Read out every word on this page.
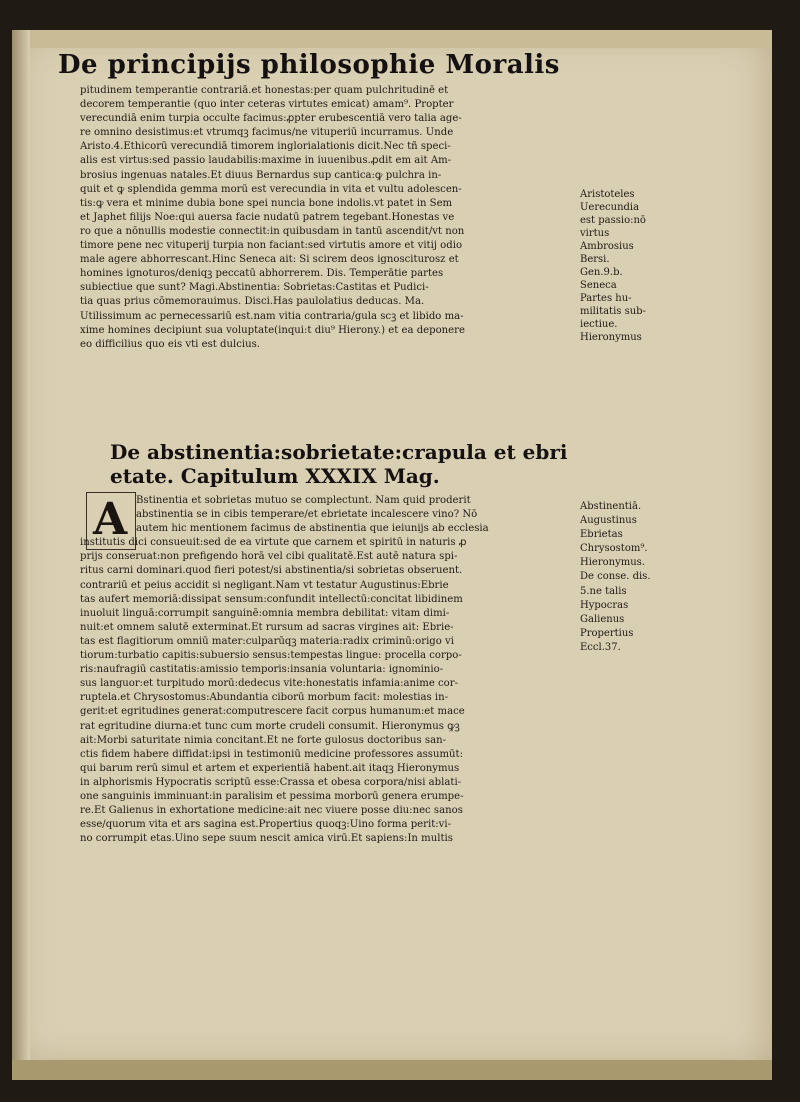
De principijs philosophie Moralis
pitudinem temperantie contrariā.et honestas:per quam pulchritudinē et
decorem temperantie (quo inter ceteras virtutes emicat) amam⁹. Propter
verecundiā enim turpia occulte facimus:ꝓpter erubescentiā vero talia age-
re omnino desistimus:et vtrumqꝫ facimus/ne vituperiū incurramus. Unde
Aristo.4.Ethicorū verecundiā timorem inglorialationis dicit.Nec tñ speci-
alis est virtus:sed passio laudabilis:maxime in iuuenibus.ꝓdit em ait Am-
brosius ingenuas natales.Et diuus Bernardus sup cantica:ꝙ pulchra in-
quit et ꝙ splendida gemma morū est verecundia in vita et vultu adolescen-
tis:ꝙ vera et minime dubia bone spei nuncia bone indolis.vt patet in Sem
et Japhet filijs Noe:qui auersa facie nudatū patrem tegebant.Honestas ve
ro que a nōnullis modestie connectit:in quibusdam in tantū ascendit/vt non
timore pene nec vituperij turpia non faciant:sed virtutis amore et vitij odio
male agere abhorrescant.Hinc Seneca ait: Si scirem deos ignosciturosz et
homines ignoturos/deniqꝫ peccatū abhorrerem. Dis. Temperātie partes
subiectiue que sunt? Magi.Abstinentia: Sobrietas:Castitas et Pudici-
tia quas prius cōmemorauimus. Disci.Has paulolatius deducas. Ma.
Utilissimum ac pernecessariū est.nam vitia contraria/gula scꝫ et libido ma-
xime homines decipiunt sua voluptate(inqui:t diu⁹ Hierony.) et ea deponere
eo difficilius quo eis vti est dulcius.
Aristoteles
Uerecundia
est passio:nō
virtus
Ambrosius
Bersi.
Gen.9.b.
Seneca
Partes hu-
militatis sub-
iectiue.
Hieronymus
De abstinentia:sobrietate:crapula et ebri
etate. Capitulum XXXIX Mag.
A Bstinentia et sobrietas mutuo se complectunt. Nam quid proderit
abstinentia se in cibis temperare/et ebrietate incalescere vino? Nō
autem hic mentionem facimus de abstinentia que ieiunijs ab ecclesia
institutis dici consueuit:sed de ea virtute que carnem et spiritū in naturis ꝓ
prijs conseruat:non prefigendo horā vel cibi qualitatē.Est autē natura spi-
ritus carni dominari.quod fieri potest/si abstinentia/si sobrietas obseruent.
contrariū et peius accidit si negligant.Nam vt testatur Augustinus:Ebrie
tas aufert memoriā:dissipat sensum:confundit intellectū:concitat libidinem
inuoluit linguā:corrumpit sanguinē:omnia membra debilitat: vitam dimi-
nuit:et omnem salutē exterminat.Et rursum ad sacras virgines ait: Ebrie-
tas est flagitiorum omniū mater:culparūqꝫ materia:radix criminū:origo vi
tiorum:turbatio capitis:subuersio sensus:tempestas lingue: procella corpo-
ris:naufragiū castitatis:amissio temporis:insania voluntaria: ignominio-
sus languor:et turpitudo morū:dedecus vite:honestatis infamia:anime cor-
ruptela.et Chrysostomus:Abundantia ciborū morbum facit: molestias in-
gerit:et egritudines generat:computrescere facit corpus humanum:et mace
rat egritudine diurna:et tunc cum morte crudeli consumit. Hieronymus ꝙꝫ
ait:Morbi saturitate nimia concitant.Et ne forte gulosus doctoribus san-
ctis fidem habere diffidat:ipsi in testimoniū medicine professores assumūt:
qui barum rerū simul et artem et experientiā habent.ait itaqꝫ Hieronymus
in alphorismis Hypocratis scriptū esse:Crassa et obesa corpora/nisi ablati-
one sanguinis imminuant:in paralisim et pessima morborū genera erumpe-
re.Et Galienus in exhortatione medicine:ait nec viuere posse diu:nec sanos
esse/quorum vita et ars sagina est.Propertius quoqꝫ:Uino forma perit:vi-
no corrumpit etas.Uino sepe suum nescit amica virū.Et sapiens:In multis
Abstinentiā.
Augustinus
Ebrietas
Chrysostom⁹.
Hieronymus.
De conse. dis.
5.ne talis
Hypocras
Galienus
Propertius
Eccl.37.
